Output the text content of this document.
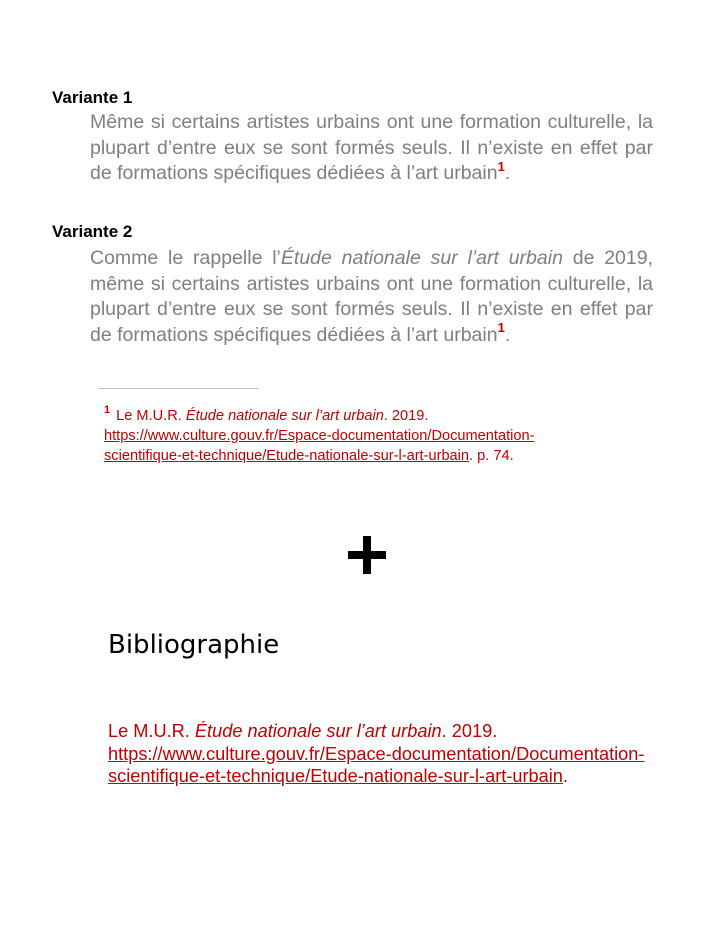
Variante 1

Même si certains artistes urbains ont une formation culturelle, la plupart d’entre eux se sont formés seuls. Il n’existe en effet par de formations spécifiques dédiées à l’art urbain$^1$.

Variante 2

Comme le rappelle l’Étude nationale sur l’art urbain de 2019, même si certains artistes urbains ont une formation culturelle, la plupart d’entre eux se sont formés seuls. Il n’existe en effet par de formations spécifiques dédiées à l’art urbain$^1$.

$^1$ Le M.U.R. Étude nationale sur l’art urbain. 2019. https://www.culture.gouv.fr/Espace-documentation/Documentation-scientifique-et-technique/Etude-nationale-sur-l-art-urbain. p. 74.

Bibliographie

Le M.U.R. Étude nationale sur l’art urbain. 2019. https://www.culture.gouv.fr/Espace-documentation/Documentation-scientifique-et-technique/Etude-nationale-sur-l-art-urbain.
